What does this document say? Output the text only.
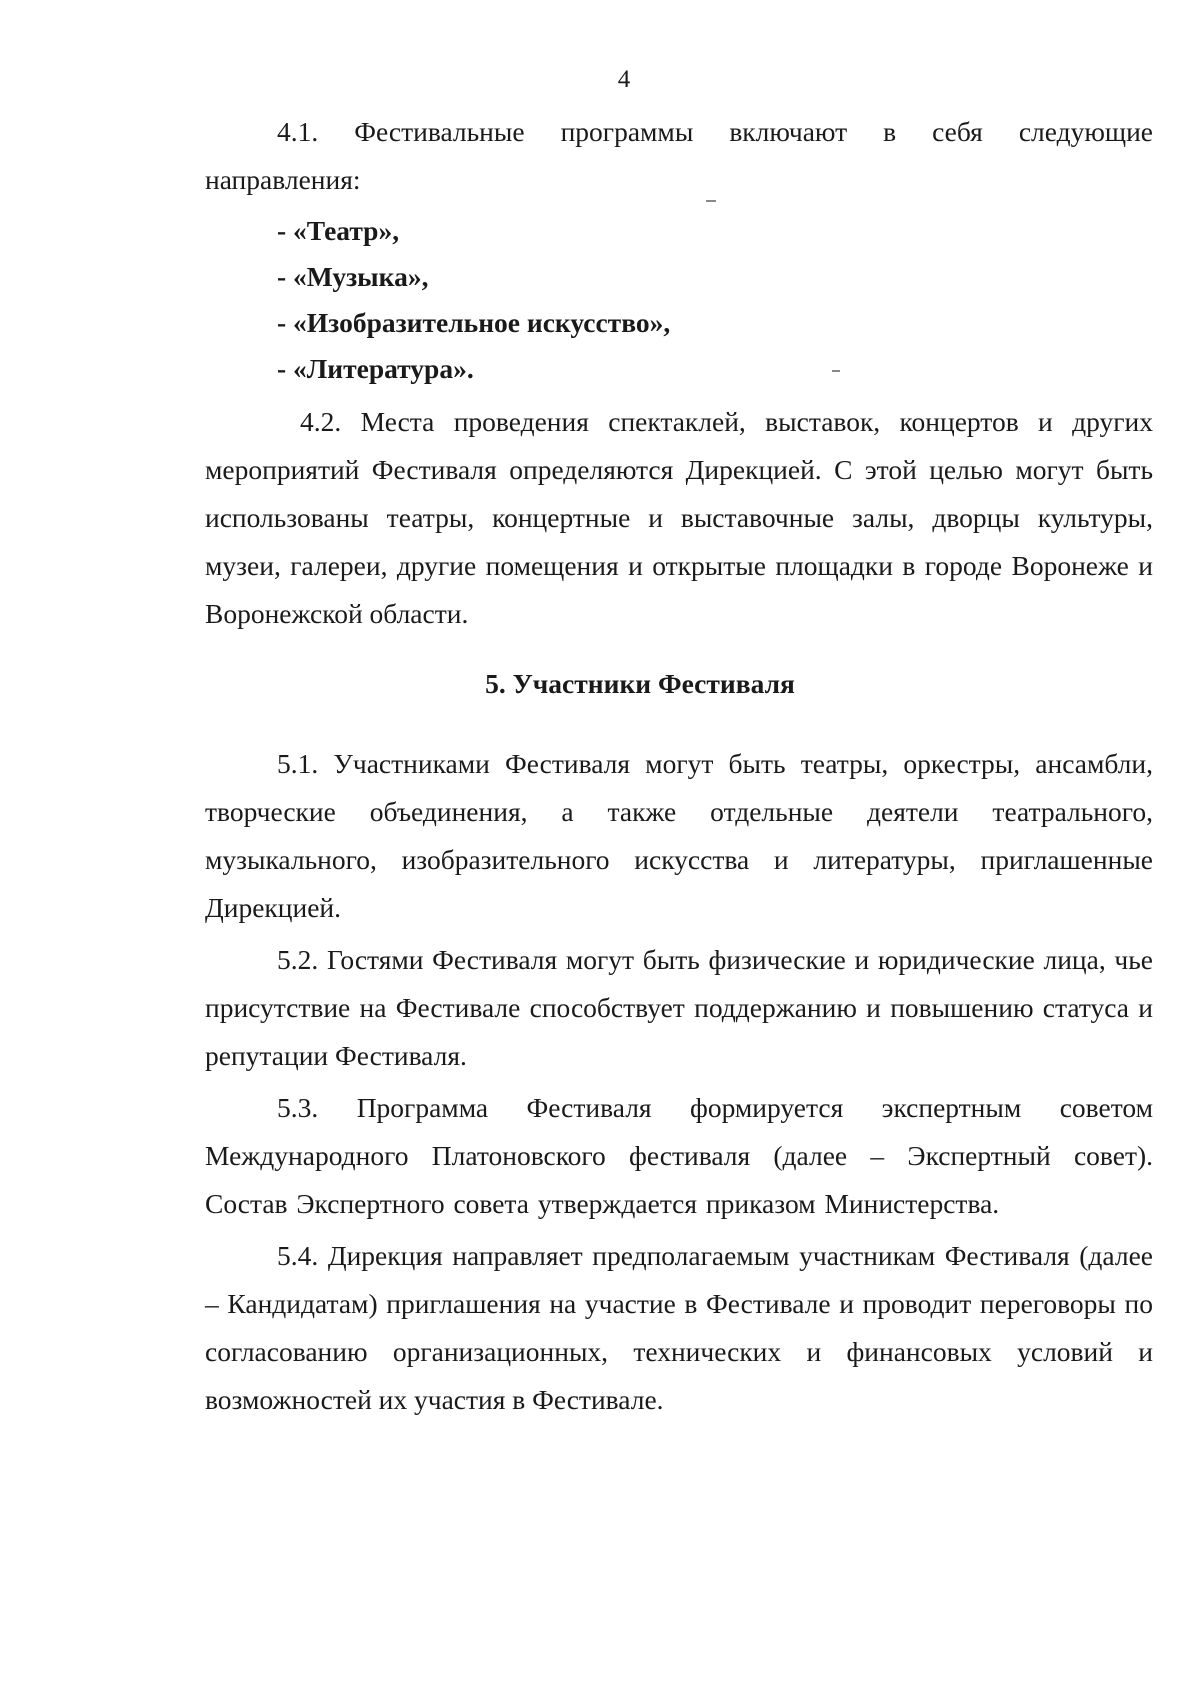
4

4.1. Фестивальные программы включают в себя следующие

направления:

- «Театр»,

- «Музыка»,

- «Изобразительное искусство»,

- «Литература».

4.2. Места проведения спектаклей, выставок, концертов и других мероприятий Фестиваля определяются Дирекцией. С этой целью могут быть использованы театры, концертные и выставочные залы, дворцы культуры, музеи, галереи, другие помещения и открытые площадки в городе Воронеже и Воронежской области.

5. Участники Фестиваля

5.1. Участниками Фестиваля могут быть театры, оркестры, ансамбли, творческие объединения, а также отдельные деятели театрального, музыкального, изобразительного искусства и литературы, приглашенные Дирекцией.

5.2. Гостями Фестиваля могут быть физические и юридические лица, чье присутствие на Фестивале способствует поддержанию и повышению статуса и репутации Фестиваля.

5.3. Программа Фестиваля формируется экспертным советом Международного Платоновского фестиваля (далее – Экспертный совет). Состав Экспертного совета утверждается приказом Министерства.

5.4. Дирекция направляет предполагаемым участникам Фестиваля (далее – Кандидатам) приглашения на участие в Фестивале и проводит переговоры по согласованию организационных, технических и финансовых условий и возможностей их участия в Фестивале.
